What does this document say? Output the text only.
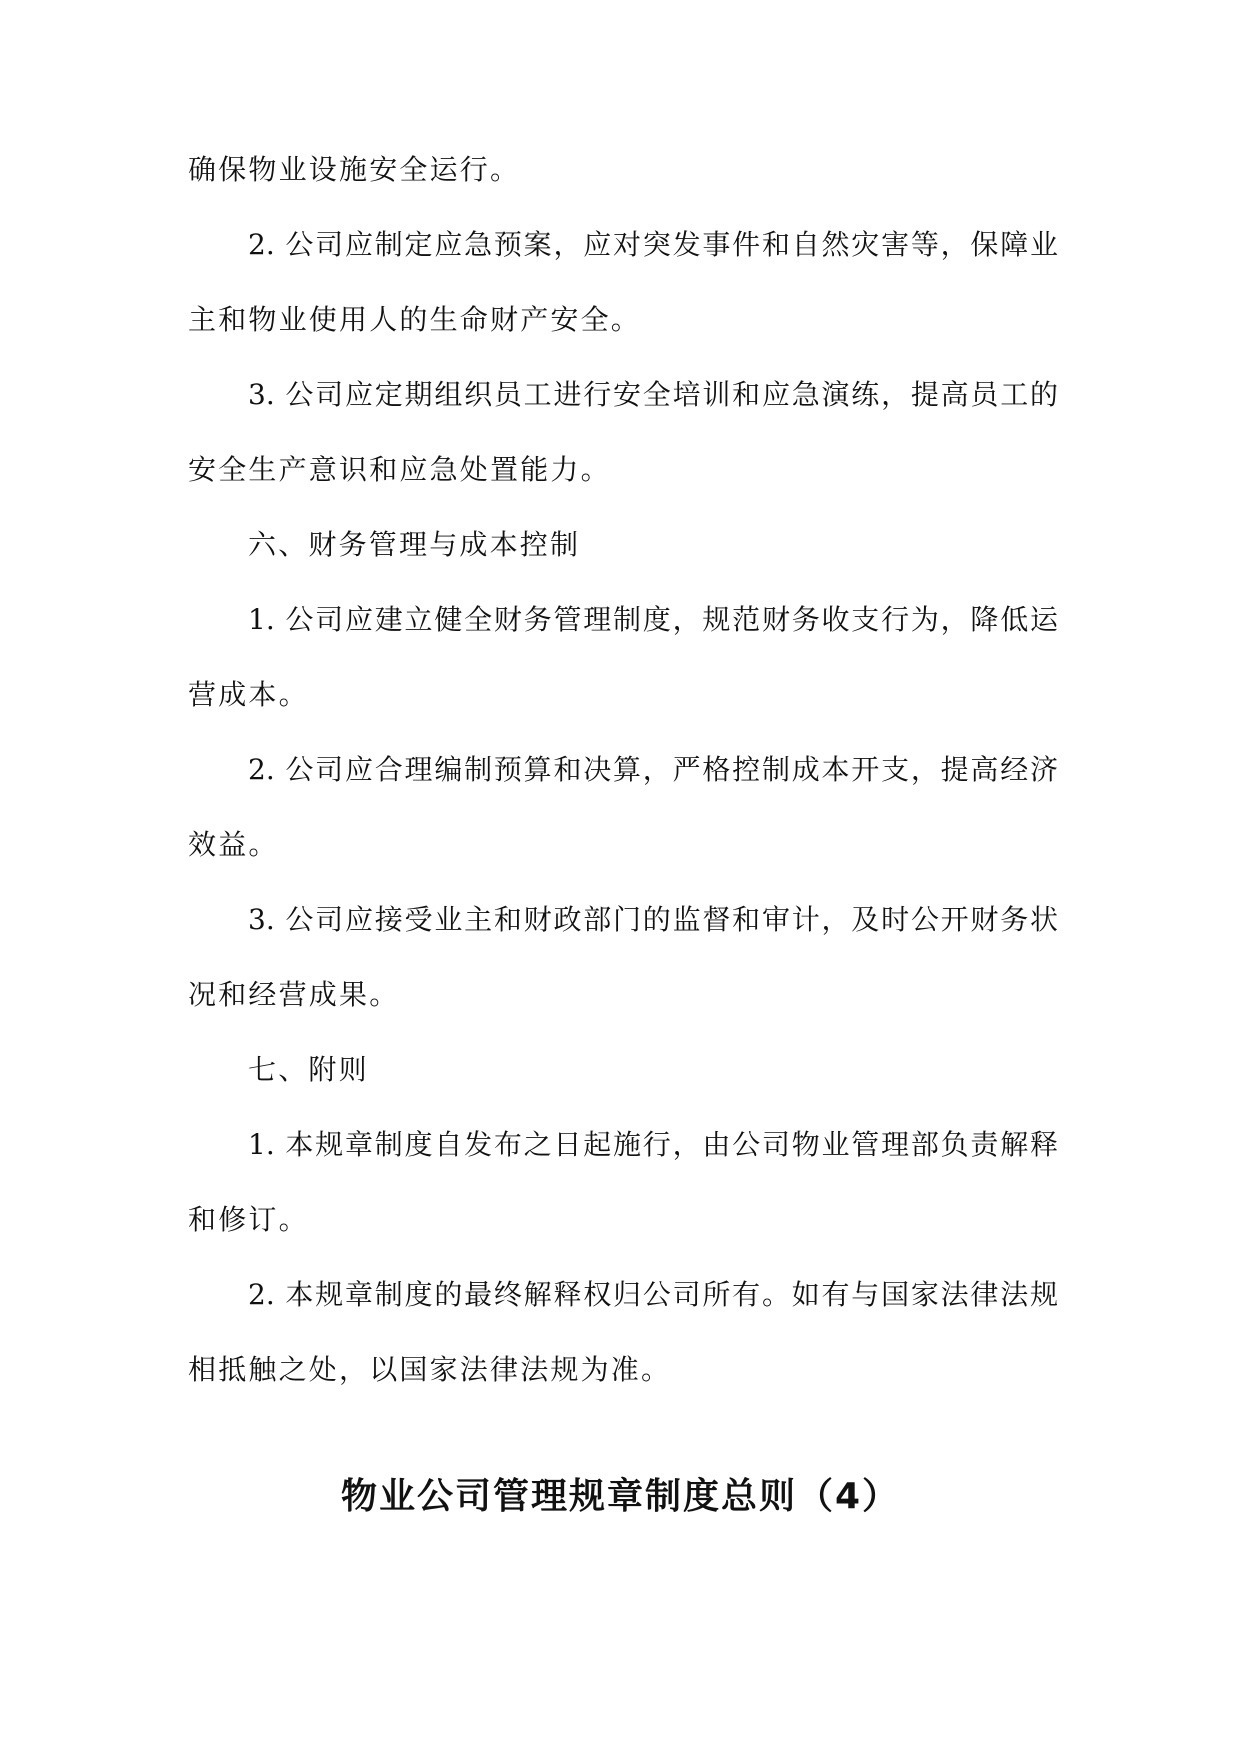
确保物业设施安全运行。
2. 公司应制定应急预案，应对突发事件和自然灾害等，保障业
主和物业使用人的生命财产安全。
3. 公司应定期组织员工进行安全培训和应急演练，提高员工的
安全生产意识和应急处置能力。
六、财务管理与成本控制
1. 公司应建立健全财务管理制度，规范财务收支行为，降低运
营成本。
2. 公司应合理编制预算和决算，严格控制成本开支，提高经济
效益。
3. 公司应接受业主和财政部门的监督和审计，及时公开财务状
况和经营成果。
七、附则
1. 本规章制度自发布之日起施行，由公司物业管理部负责解释
和修订。
2. 本规章制度的最终解释权归公司所有。如有与国家法律法规
相抵触之处，以国家法律法规为准。
物业公司管理规章制度总则（4）
